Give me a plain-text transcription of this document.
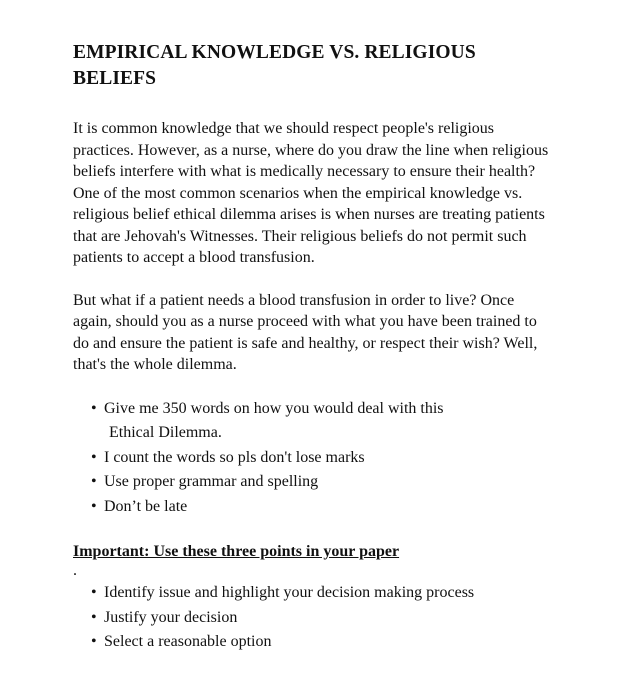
EMPIRICAL KNOWLEDGE VS. RELIGIOUS BELIEFS

It is common knowledge that we should respect people's religious practices. However, as a nurse, where do you draw the line when religious beliefs interfere with what is medically necessary to ensure their health? One of the most common scenarios when the empirical knowledge vs. religious belief ethical dilemma arises is when nurses are treating patients that are Jehovah's Witnesses. Their religious beliefs do not permit such patients to accept a blood transfusion.

But what if a patient needs a blood transfusion in order to live? Once again, should you as a nurse proceed with what you have been trained to do and ensure the patient is safe and healthy, or respect their wish? Well, that's the whole dilemma.

• Give me 350 words on how you would deal with this
Ethical Dilemma.
• I count the words so pls don't lose marks
• Use proper grammar and spelling
• Don’t be late
Important: Use these three points in your paper
.
• Identify issue and highlight your decision making process
• Justify your decision
• Select a reasonable option
